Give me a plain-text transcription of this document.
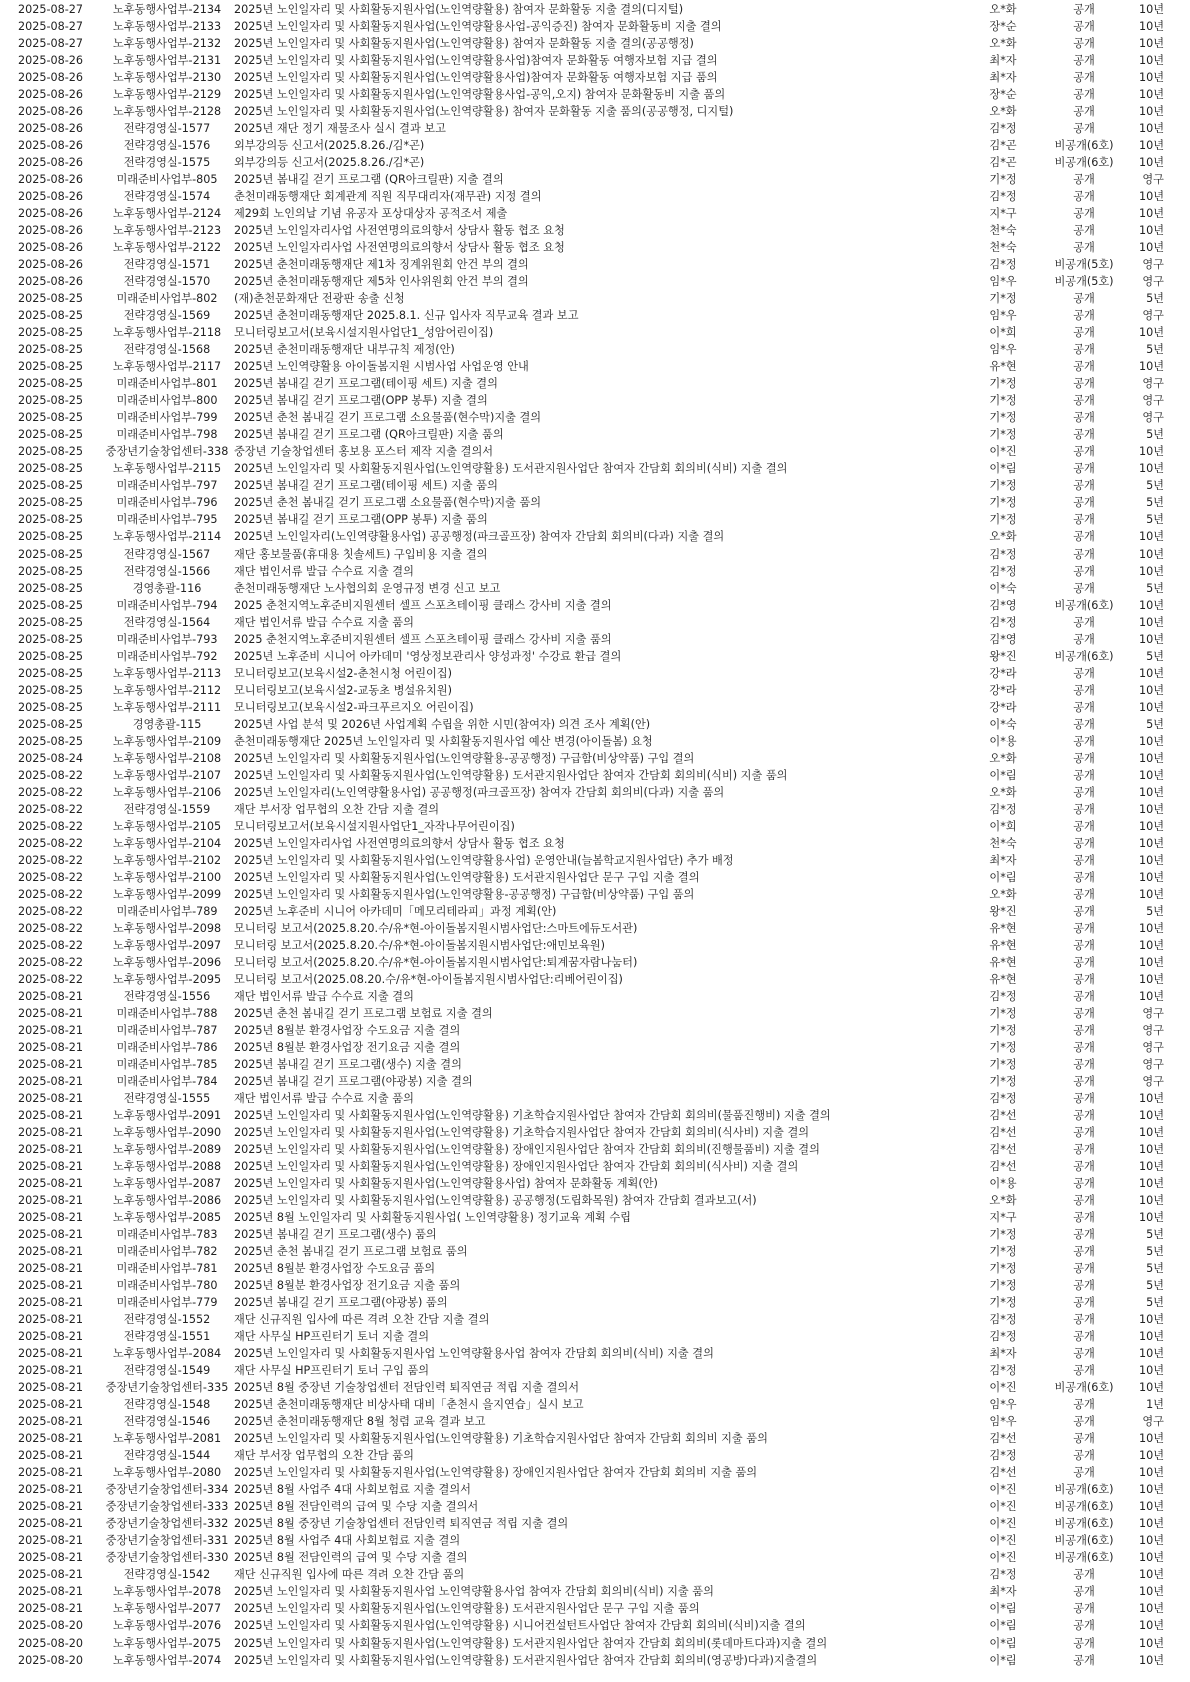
2025-08-27	노후동행사업부-2134	2025년 노인일자리 및 사회활동지원사업(노인역량활용) 참여자 문화활동 지출 결의(디지털)	오*화	공개	10년
2025-08-27	노후동행사업부-2133	2025년 노인일자리 및 사회활동지원사업(노인역량활용사업-공익증진) 참여자 문화활동비 지출 결의	장*순	공개	10년
2025-08-27	노후동행사업부-2132	2025년 노인일자리 및 사회활동지원사업(노인역량활용) 참여자 문화활동 지출 결의(공공행정)	오*화	공개	10년
2025-08-26	노후동행사업부-2131	2025년 노인일자리 및 사회활동지원사업(노인역량활용사업)참여자 문화활동 여행자보험 지급 결의	최*자	공개	10년
2025-08-26	노후동행사업부-2130	2025년 노인일자리 및 사회활동지원사업(노인역량활용사업)참여자 문화활동 여행자보험 지급 품의	최*자	공개	10년
2025-08-26	노후동행사업부-2129	2025년 노인일자리 및 사회활동지원사업(노인역량활용사업-공익,오지) 참여자 문화활동비 지출 품의	장*순	공개	10년
2025-08-26	노후동행사업부-2128	2025년 노인일자리 및 사회활동지원사업(노인역량활용) 참여자 문화활동 지출 품의(공공행정, 디지털)	오*화	공개	10년
2025-08-26	전략경영실-1577	2025년 재단 정기 재물조사 실시 결과 보고	김*정	공개	10년
2025-08-26	전략경영실-1576	외부강의등 신고서(2025.8.26./김*곤)	김*곤	비공개(6호)	10년
2025-08-26	전략경영실-1575	외부강의등 신고서(2025.8.26./김*곤)	김*곤	비공개(6호)	10년
2025-08-26	미래준비사업부-805	2025년 봄내길 걷기 프로그램 (QR아크릴판) 지출 결의	기*정	공개	영구
2025-08-26	전략경영실-1574	춘천미래동행재단 회계관계 직원 직무대리자(재무관) 지정 결의	김*정	공개	10년
2025-08-26	노후동행사업부-2124	제29회 노인의날 기념 유공자 포상대상자 공적조서 제출	지*구	공개	10년
2025-08-26	노후동행사업부-2123	2025년 노인일자리사업 사전연명의료의향서 상담사 활동 협조 요청	천*숙	공개	10년
2025-08-26	노후동행사업부-2122	2025년 노인일자리사업 사전연명의료의향서 상담사 활동 협조 요청	천*숙	공개	10년
2025-08-26	전략경영실-1571	2025년 춘천미래동행재단 제1차 징계위원회 안건 부의 결의	김*정	비공개(5호)	영구
2025-08-26	전략경영실-1570	2025년 춘천미래동행재단 제5차 인사위원회 안건 부의 결의	임*우	비공개(5호)	영구
2025-08-25	미래준비사업부-802	(재)춘천문화재단 전광판 송출 신청	기*정	공개	5년
2025-08-25	전략경영실-1569	2025년 춘천미래동행재단 2025.8.1. 신규 입사자 직무교육 결과 보고	임*우	공개	영구
2025-08-25	노후동행사업부-2118	모니터링보고서(보육시설지원사업단1_성암어린이집)	이*희	공개	10년
2025-08-25	전략경영실-1568	2025년 춘천미래동행재단 내부규칙 제정(안)	임*우	공개	5년
2025-08-25	노후동행사업부-2117	2025년 노인역량활용 아이돌봄지원 시범사업 사업운영 안내	유*현	공개	10년
2025-08-25	미래준비사업부-801	2025년 봄내길 걷기 프로그램(테이핑 세트) 지출 결의	기*정	공개	영구
2025-08-25	미래준비사업부-800	2025년 봄내길 걷기 프로그램(OPP 봉투) 지출 결의	기*정	공개	영구
2025-08-25	미래준비사업부-799	2025년 춘천 봄내길 걷기 프로그램 소요물품(현수막)지출 결의	기*정	공개	영구
2025-08-25	미래준비사업부-798	2025년 봄내길 걷기 프로그램 (QR아크릴판) 지출 품의	기*정	공개	5년
2025-08-25	중장년기술창업센터-338	중장년 기술창업센터 홍보용 포스터 제작 지출 결의서	이*진	공개	10년
2025-08-25	노후동행사업부-2115	2025년 노인일자리 및 사회활동지원사업(노인역량활용) 도서관지원사업단 참여자 간담회 회의비(식비) 지출 결의	이*림	공개	10년
2025-08-25	미래준비사업부-797	2025년 봄내길 걷기 프로그램(테이핑 세트) 지출 품의	기*정	공개	5년
2025-08-25	미래준비사업부-796	2025년 춘천 봄내길 걷기 프로그램 소요물품(현수막)지출 품의	기*정	공개	5년
2025-08-25	미래준비사업부-795	2025년 봄내길 걷기 프로그램(OPP 봉투) 지출 품의	기*정	공개	5년
2025-08-25	노후동행사업부-2114	2025년 노인일자리(노인역량활용사업) 공공행정(파크골프장) 참여자 간담회 회의비(다과) 지출 결의	오*화	공개	10년
2025-08-25	전략경영실-1567	재단 홍보물품(휴대용 칫솔세트) 구입비용 지출 결의	김*정	공개	10년
2025-08-25	전략경영실-1566	재단 법인서류 발급 수수료 지출 결의	김*정	공개	10년
2025-08-25	경영총괄-116	춘천미래동행재단 노사협의회 운영규정 변경 신고 보고	이*숙	공개	5년
2025-08-25	미래준비사업부-794	2025 춘천지역노후준비지원센터 셀프 스포츠테이핑 클래스 강사비 지출 결의	김*영	비공개(6호)	10년
2025-08-25	전략경영실-1564	재단 법인서류 발급 수수료 지출 품의	김*정	공개	10년
2025-08-25	미래준비사업부-793	2025 춘천지역노후준비지원센터 셀프 스포츠테이핑 클래스 강사비 지출 품의	김*영	공개	10년
2025-08-25	미래준비사업부-792	2025년 노후준비 시니어 아카데미 '영상정보관리사 양성과정' 수강료 환급 결의	왕*진	비공개(6호)	5년
2025-08-25	노후동행사업부-2113	모니터링보고(보육시설2-춘천시청 어린이집)	강*라	공개	10년
2025-08-25	노후동행사업부-2112	모니터링보고(보육시설2-교동초 병설유치원)	강*라	공개	10년
2025-08-25	노후동행사업부-2111	모니터링보고(보육시설2-파크푸르지오 어린이집)	강*라	공개	10년
2025-08-25	경영총괄-115	2025년 사업 분석 및 2026년 사업계획 수립을 위한 시민(참여자) 의견 조사 계획(안)	이*숙	공개	5년
2025-08-25	노후동행사업부-2109	춘천미래동행재단 2025년 노인일자리 및 사회활동지원사업 예산 변경(아이돌봄) 요청	이*용	공개	10년
2025-08-24	노후동행사업부-2108	2025년 노인일자리 및 사회활동지원사업(노인역량활용-공공행정) 구급함(비상약품) 구입 결의	오*화	공개	10년
2025-08-22	노후동행사업부-2107	2025년 노인일자리 및 사회활동지원사업(노인역량활용) 도서관지원사업단 참여자 간담회 회의비(식비) 지출 품의	이*림	공개	10년
2025-08-22	노후동행사업부-2106	2025년 노인일자리(노인역량활용사업) 공공행정(파크골프장) 참여자 간담회 회의비(다과) 지출 품의	오*화	공개	10년
2025-08-22	전략경영실-1559	재단 부서장 업무협의 오찬 간담 지출 결의	김*정	공개	10년
2025-08-22	노후동행사업부-2105	모니터링보고서(보육시설지원사업단1_자작나무어린이집)	이*희	공개	10년
2025-08-22	노후동행사업부-2104	2025년 노인일자리사업 사전연명의료의향서 상담사 활동 협조 요청	천*숙	공개	10년
2025-08-22	노후동행사업부-2102	2025년 노인일자리 및 사회활동지원사업(노인역량활용사업) 운영안내(늘봄학교지원사업단) 추가 배정	최*자	공개	10년
2025-08-22	노후동행사업부-2100	2025년 노인일자리 및 사회활동지원사업(노인역량활용) 도서관지원사업단 문구 구입 지출 결의	이*림	공개	10년
2025-08-22	노후동행사업부-2099	2025년 노인일자리 및 사회활동지원사업(노인역량활용-공공행정) 구급함(비상약품) 구입 품의	오*화	공개	10년
2025-08-22	미래준비사업부-789	2025년 노후준비 시니어 아카데미「메모리테라피」과정 계획(안)	왕*진	공개	5년
2025-08-22	노후동행사업부-2098	모니터링 보고서(2025.8.20.수/유*현-아이돌봄지원시범사업단:스마트에듀도서관)	유*현	공개	10년
2025-08-22	노후동행사업부-2097	모니터링 보고서(2025.8.20.수/유*현-아이돌봄지원시범사업단:애민보육원)	유*현	공개	10년
2025-08-22	노후동행사업부-2096	모니터링 보고서(2025.8.20.수/유*현-아이돌봄지원시범사업단:퇴계꿈자람나눔터)	유*현	공개	10년
2025-08-22	노후동행사업부-2095	모니터링 보고서(2025.08.20.수/유*현-아이돌봄지원시범사업단:리베어린이집)	유*현	공개	10년
2025-08-21	전략경영실-1556	재단 법인서류 발급 수수료 지출 결의	김*정	공개	10년
2025-08-21	미래준비사업부-788	2025년 춘천 봄내길 걷기 프로그램 보험료 지출 결의	기*정	공개	영구
2025-08-21	미래준비사업부-787	2025년 8월분 환경사업장 수도요금 지출 결의	기*정	공개	영구
2025-08-21	미래준비사업부-786	2025년 8월분 환경사업장 전기요금 지출 결의	기*정	공개	영구
2025-08-21	미래준비사업부-785	2025년 봄내길 걷기 프로그램(생수) 지출 결의	기*정	공개	영구
2025-08-21	미래준비사업부-784	2025년 봄내길 걷기 프로그램(야광봉) 지출 결의	기*정	공개	영구
2025-08-21	전략경영실-1555	재단 법인서류 발급 수수료 지출 품의	김*정	공개	10년
2025-08-21	노후동행사업부-2091	2025년 노인일자리 및 사회활동지원사업(노인역량활용) 기초학습지원사업단 참여자 간담회 회의비(물품진행비) 지출 결의	김*선	공개	10년
2025-08-21	노후동행사업부-2090	2025년 노인일자리 및 사회활동지원사업(노인역량활용) 기초학습지원사업단 참여자 간담회 회의비(식사비) 지출 결의	김*선	공개	10년
2025-08-21	노후동행사업부-2089	2025년 노인일자리 및 사회활동지원사업(노인역량활용) 장애인지원사업단 참여자 간담회 회의비(진행물품비) 지출 결의	김*선	공개	10년
2025-08-21	노후동행사업부-2088	2025년 노인일자리 및 사회활동지원사업(노인역량활용) 장애인지원사업단 참여자 간담회 회의비(식사비) 지출 결의	김*선	공개	10년
2025-08-21	노후동행사업부-2087	2025년 노인일자리 및 사회활동지원사업(노인역량활용사업) 참여자 문화활동 계획(안)	이*용	공개	10년
2025-08-21	노후동행사업부-2086	2025년 노인일자리 및 사회활동지원사업(노인역량활용) 공공행정(도립화목원) 참여자 간담회 결과보고(서)	오*화	공개	10년
2025-08-21	노후동행사업부-2085	2025년 8월 노인일자리 및 사회활동지원사업( 노인역량활용) 정기교육 계획 수립	지*구	공개	10년
2025-08-21	미래준비사업부-783	2025년 봄내길 걷기 프로그램(생수) 품의	기*정	공개	5년
2025-08-21	미래준비사업부-782	2025년 춘천 봄내길 걷기 프로그램 보험료 품의	기*정	공개	5년
2025-08-21	미래준비사업부-781	2025년 8월분 환경사업장 수도요금 품의	기*정	공개	5년
2025-08-21	미래준비사업부-780	2025년 8월분 환경사업장 전기요금 지출 품의	기*정	공개	5년
2025-08-21	미래준비사업부-779	2025년 봄내길 걷기 프로그램(야광봉) 품의	기*정	공개	5년
2025-08-21	전략경영실-1552	재단 신규직원 입사에 따른 격려 오찬 간담 지출 결의	김*정	공개	10년
2025-08-21	전략경영실-1551	재단 사무실 HP프린터기 토너 지출 결의	김*정	공개	10년
2025-08-21	노후동행사업부-2084	2025년 노인일자리 및 사회활동지원사업 노인역량활용사업 참여자 간담회 회의비(식비) 지출 결의	최*자	공개	10년
2025-08-21	전략경영실-1549	재단 사무실 HP프린터기 토너 구입 품의	김*정	공개	10년
2025-08-21	중장년기술창업센터-335	2025년 8월 중장년 기술창업센터 전담인력 퇴직연금 적립 지출 결의서	이*진	비공개(6호)	10년
2025-08-21	전략경영실-1548	2025년 춘천미래동행재단 비상사태 대비「춘천시 을지연습」실시 보고	임*우	공개	1년
2025-08-21	전략경영실-1546	2025년 춘천미래동행재단 8월 청렴 교육 결과 보고	임*우	공개	영구
2025-08-21	노후동행사업부-2081	2025년 노인일자리 및 사회활동지원사업(노인역량활용) 기초학습지원사업단 참여자 간담회 회의비 지출 품의	김*선	공개	10년
2025-08-21	전략경영실-1544	재단 부서장 업무협의 오찬 간담 품의	김*정	공개	10년
2025-08-21	노후동행사업부-2080	2025년 노인일자리 및 사회활동지원사업(노인역량활용) 장애인지원사업단 참여자 간담회 회의비 지출 품의	김*선	공개	10년
2025-08-21	중장년기술창업센터-334	2025년 8월 사업주 4대 사회보험료 지출 결의서	이*진	비공개(6호)	10년
2025-08-21	중장년기술창업센터-333	2025년 8월 전담인력의 급여 및 수당 지출 결의서	이*진	비공개(6호)	10년
2025-08-21	중장년기술창업센터-332	2025년 8월 중장년 기술창업센터 전담인력 퇴직연금 적립 지출 결의	이*진	비공개(6호)	10년
2025-08-21	중장년기술창업센터-331	2025년 8월 사업주 4대 사회보험료 지출 결의	이*진	비공개(6호)	10년
2025-08-21	중장년기술창업센터-330	2025년 8월 전담인력의 급여 및 수당 지출 결의	이*진	비공개(6호)	10년
2025-08-21	전략경영실-1542	재단 신규직원 입사에 따른 격려 오찬 간담 품의	김*정	공개	10년
2025-08-21	노후동행사업부-2078	2025년 노인일자리 및 사회활동지원사업 노인역량활용사업 참여자 간담회 회의비(식비) 지출 품의	최*자	공개	10년
2025-08-21	노후동행사업부-2077	2025년 노인일자리 및 사회활동지원사업(노인역량활용) 도서관지원사업단 문구 구입 지출 품의	이*림	공개	10년
2025-08-20	노후동행사업부-2076	2025년 노인일자리 및 사회활동지원사업(노인역량활용) 시니어컨설턴트사업단 참여자 간담회 회의비(식비)지출 결의	이*림	공개	10년
2025-08-20	노후동행사업부-2075	2025년 노인일자리 및 사회활동지원사업(노인역량활용) 도서관지원사업단 참여자 간담회 회의비(롯데마트다과)지출 결의	이*림	공개	10년
2025-08-20	노후동행사업부-2074	2025년 노인일자리 및 사회활동지원사업(노인역량활용) 도서관지원사업단 참여자 간담회 회의비(영공방)다과)지출결의	이*림	공개	10년
